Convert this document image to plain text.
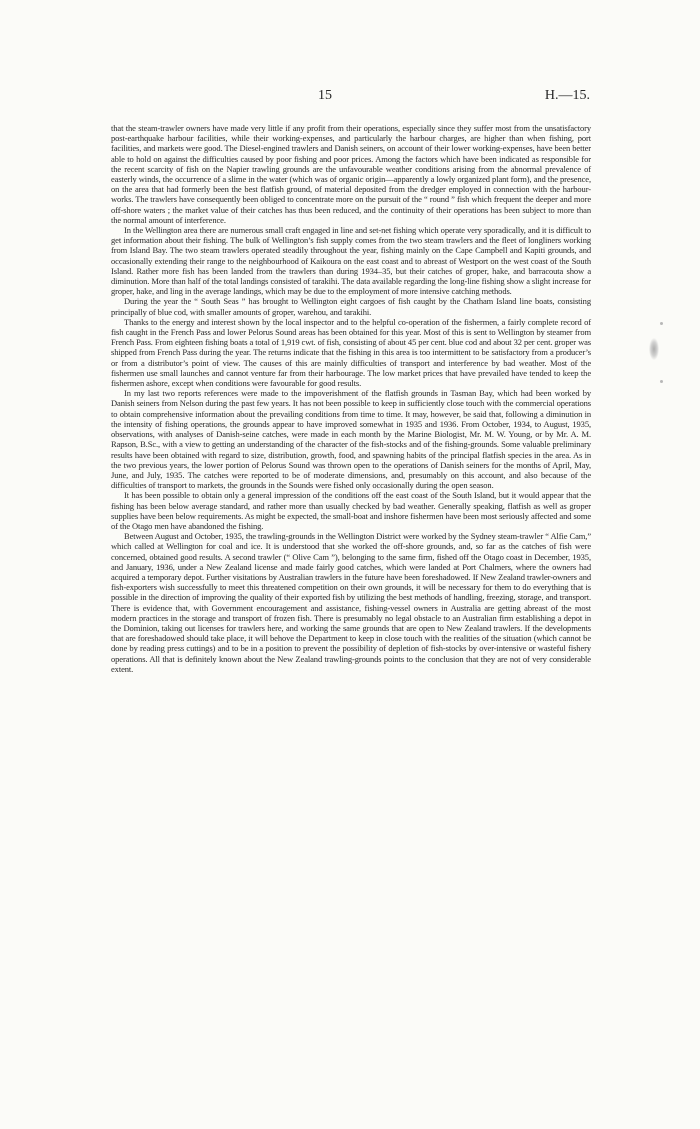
15	H.—15.

that the steam-trawler owners have made very little if any profit from their operations, especially since they suffer most from the unsatisfactory post-earthquake harbour facilities, while their working-expenses, and particularly the harbour charges, are higher than when fishing, port facilities, and markets were good. The Diesel-engined trawlers and Danish seiners, on account of their lower working-expenses, have been better able to hold on against the difficulties caused by poor fishing and poor prices. Among the factors which have been indicated as responsible for the recent scarcity of fish on the Napier trawling grounds are the unfavourable weather conditions arising from the abnormal prevalence of easterly winds, the occurrence of a slime in the water (which was of organic origin—apparently a lowly organized plant form), and the presence, on the area that had formerly been the best flatfish ground, of material deposited from the dredger employed in connection with the harbour-works. The trawlers have consequently been obliged to concentrate more on the pursuit of the “ round ” fish which frequent the deeper and more off-shore waters ; the market value of their catches has thus been reduced, and the continuity of their operations has been subject to more than the normal amount of interference.

In the Wellington area there are numerous small craft engaged in line and set-net fishing which operate very sporadically, and it is difficult to get information about their fishing. The bulk of Wellington’s fish supply comes from the two steam trawlers and the fleet of longliners working from Island Bay. The two steam trawlers operated steadily throughout the year, fishing mainly on the Cape Campbell and Kapiti grounds, and occasionally extending their range to the neighbourhood of Kaikoura on the east coast and to abreast of Westport on the west coast of the South Island. Rather more fish has been landed from the trawlers than during 1934–35, but their catches of groper, hake, and barracouta show a diminution. More than half of the total landings consisted of tarakihi. The data available regarding the long-line fishing show a slight increase for groper, hake, and ling in the average landings, which may be due to the employment of more intensive catching methods.

During the year the “ South Seas ” has brought to Wellington eight cargoes of fish caught by the Chatham Island line boats, consisting principally of blue cod, with smaller amounts of groper, warehou, and tarakihi.

Thanks to the energy and interest shown by the local inspector and to the helpful co-operation of the fishermen, a fairly complete record of fish caught in the French Pass and lower Pelorus Sound areas has been obtained for this year. Most of this is sent to Wellington by steamer from French Pass. From eighteen fishing boats a total of 1,919 cwt. of fish, consisting of about 45 per cent. blue cod and about 32 per cent. groper was shipped from French Pass during the year. The returns indicate that the fishing in this area is too intermittent to be satisfactory from a producer’s or from a distributor’s point of view. The causes of this are mainly difficulties of transport and interference by bad weather. Most of the fishermen use small launches and cannot venture far from their harbourage. The low market prices that have prevailed have tended to keep the fishermen ashore, except when conditions were favourable for good results.

In my last two reports references were made to the impoverishment of the flatfish grounds in Tasman Bay, which had been worked by Danish seiners from Nelson during the past few years. It has not been possible to keep in sufficiently close touch with the commercial operations to obtain comprehensive information about the prevailing conditions from time to time. It may, however, be said that, following a diminution in the intensity of fishing operations, the grounds appear to have improved somewhat in 1935 and 1936. From October, 1934, to August, 1935, observations, with analyses of Danish-seine catches, were made in each month by the Marine Biologist, Mr. M. W. Young, or by Mr. A. M. Rapson, B.Sc., with a view to getting an understanding of the character of the fish-stocks and of the fishing-grounds. Some valuable preliminary results have been obtained with regard to size, distribution, growth, food, and spawning habits of the principal flatfish species in the area. As in the two previous years, the lower portion of Pelorus Sound was thrown open to the operations of Danish seiners for the months of April, May, June, and July, 1935. The catches were reported to be of moderate dimensions, and, presumably on this account, and also because of the difficulties of transport to markets, the grounds in the Sounds were fished only occasionally during the open season.

It has been possible to obtain only a general impression of the conditions off the east coast of the South Island, but it would appear that the fishing has been below average standard, and rather more than usually checked by bad weather. Generally speaking, flatfish as well as groper supplies have been below requirements. As might be expected, the small-boat and inshore fishermen have been most seriously affected and some of the Otago men have abandoned the fishing.

Between August and October, 1935, the trawling-grounds in the Wellington District were worked by the Sydney steam-trawler “ Alfie Cam,” which called at Wellington for coal and ice. It is understood that she worked the off-shore grounds, and, so far as the catches of fish were concerned, obtained good results. A second trawler (“ Olive Cam ”), belonging to the same firm, fished off the Otago coast in December, 1935, and January, 1936, under a New Zealand license and made fairly good catches, which were landed at Port Chalmers, where the owners had acquired a temporary depot. Further visitations by Australian trawlers in the future have been foreshadowed. If New Zealand trawler-owners and fish-exporters wish successfully to meet this threatened competition on their own grounds, it will be necessary for them to do everything that is possible in the direction of improving the quality of their exported fish by utilizing the best methods of handling, freezing, storage, and transport. There is evidence that, with Government encouragement and assistance, fishing-vessel owners in Australia are getting abreast of the most modern practices in the storage and transport of frozen fish. There is presumably no legal obstacle to an Australian firm establishing a depot in the Dominion, taking out licenses for trawlers here, and working the same grounds that are open to New Zealand trawlers. If the developments that are foreshadowed should take place, it will behove the Department to keep in close touch with the realities of the situation (which cannot be done by reading press cuttings) and to be in a position to prevent the possibility of depletion of fish-stocks by over-intensive or wasteful fishery operations. All that is definitely known about the New Zealand trawling-grounds points to the conclusion that they are not of very considerable extent.
